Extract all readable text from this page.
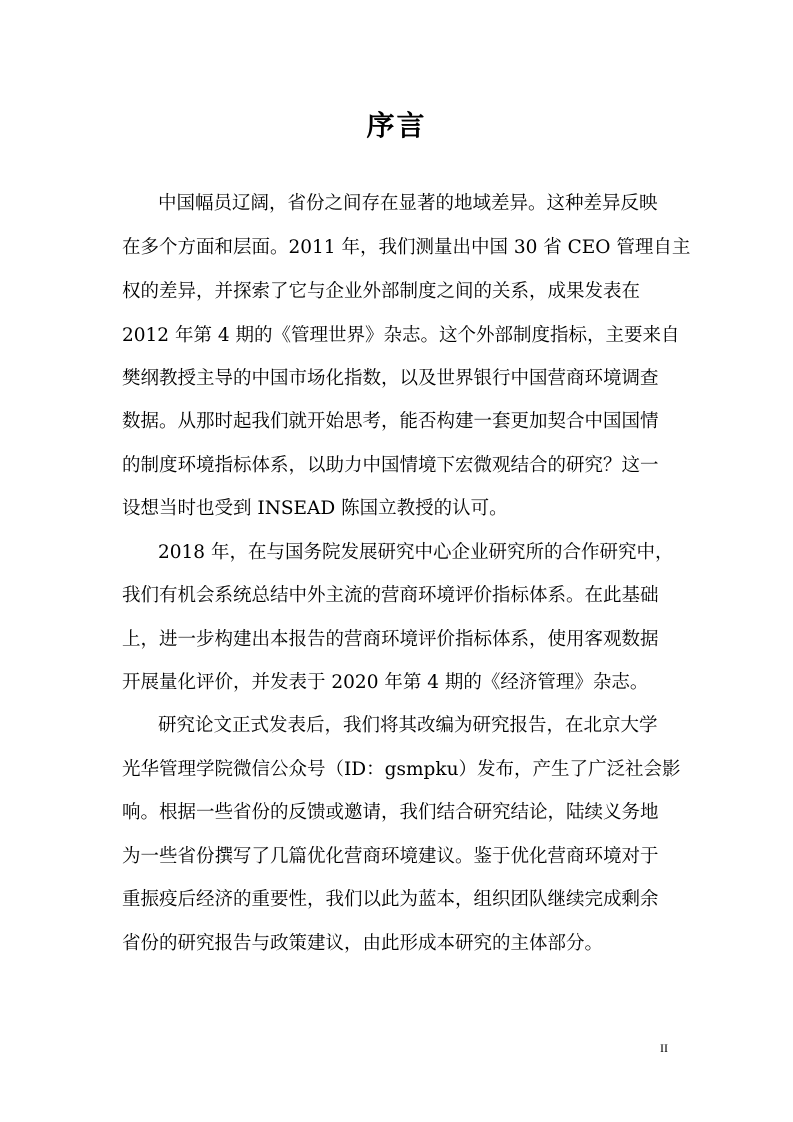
序言

中国幅员辽阔，省份之间存在显著的地域差异。这种差异反映

在多个方面和层面。2011 年，我们测量出中国 30 省 CEO 管理自主

权的差异，并探索了它与企业外部制度之间的关系，成果发表在

2012 年第 4 期的《管理世界》杂志。这个外部制度指标，主要来自

樊纲教授主导的中国市场化指数，以及世界银行中国营商环境调查

数据。从那时起我们就开始思考，能否构建一套更加契合中国国情

的制度环境指标体系，以助力中国情境下宏微观结合的研究？这一

设想当时也受到 INSEAD 陈国立教授的认可。

2018 年，在与国务院发展研究中心企业研究所的合作研究中，

我们有机会系统总结中外主流的营商环境评价指标体系。在此基础

上，进一步构建出本报告的营商环境评价指标体系，使用客观数据

开展量化评价，并发表于 2020 年第 4 期的《经济管理》杂志。

研究论文正式发表后，我们将其改编为研究报告，在北京大学

光华管理学院微信公众号（ID：gsmpku）发布，产生了广泛社会影

响。根据一些省份的反馈或邀请，我们结合研究结论，陆续义务地

为一些省份撰写了几篇优化营商环境建议。鉴于优化营商环境对于

重振疫后经济的重要性，我们以此为蓝本，组织团队继续完成剩余

省份的研究报告与政策建议，由此形成本研究的主体部分。

II
